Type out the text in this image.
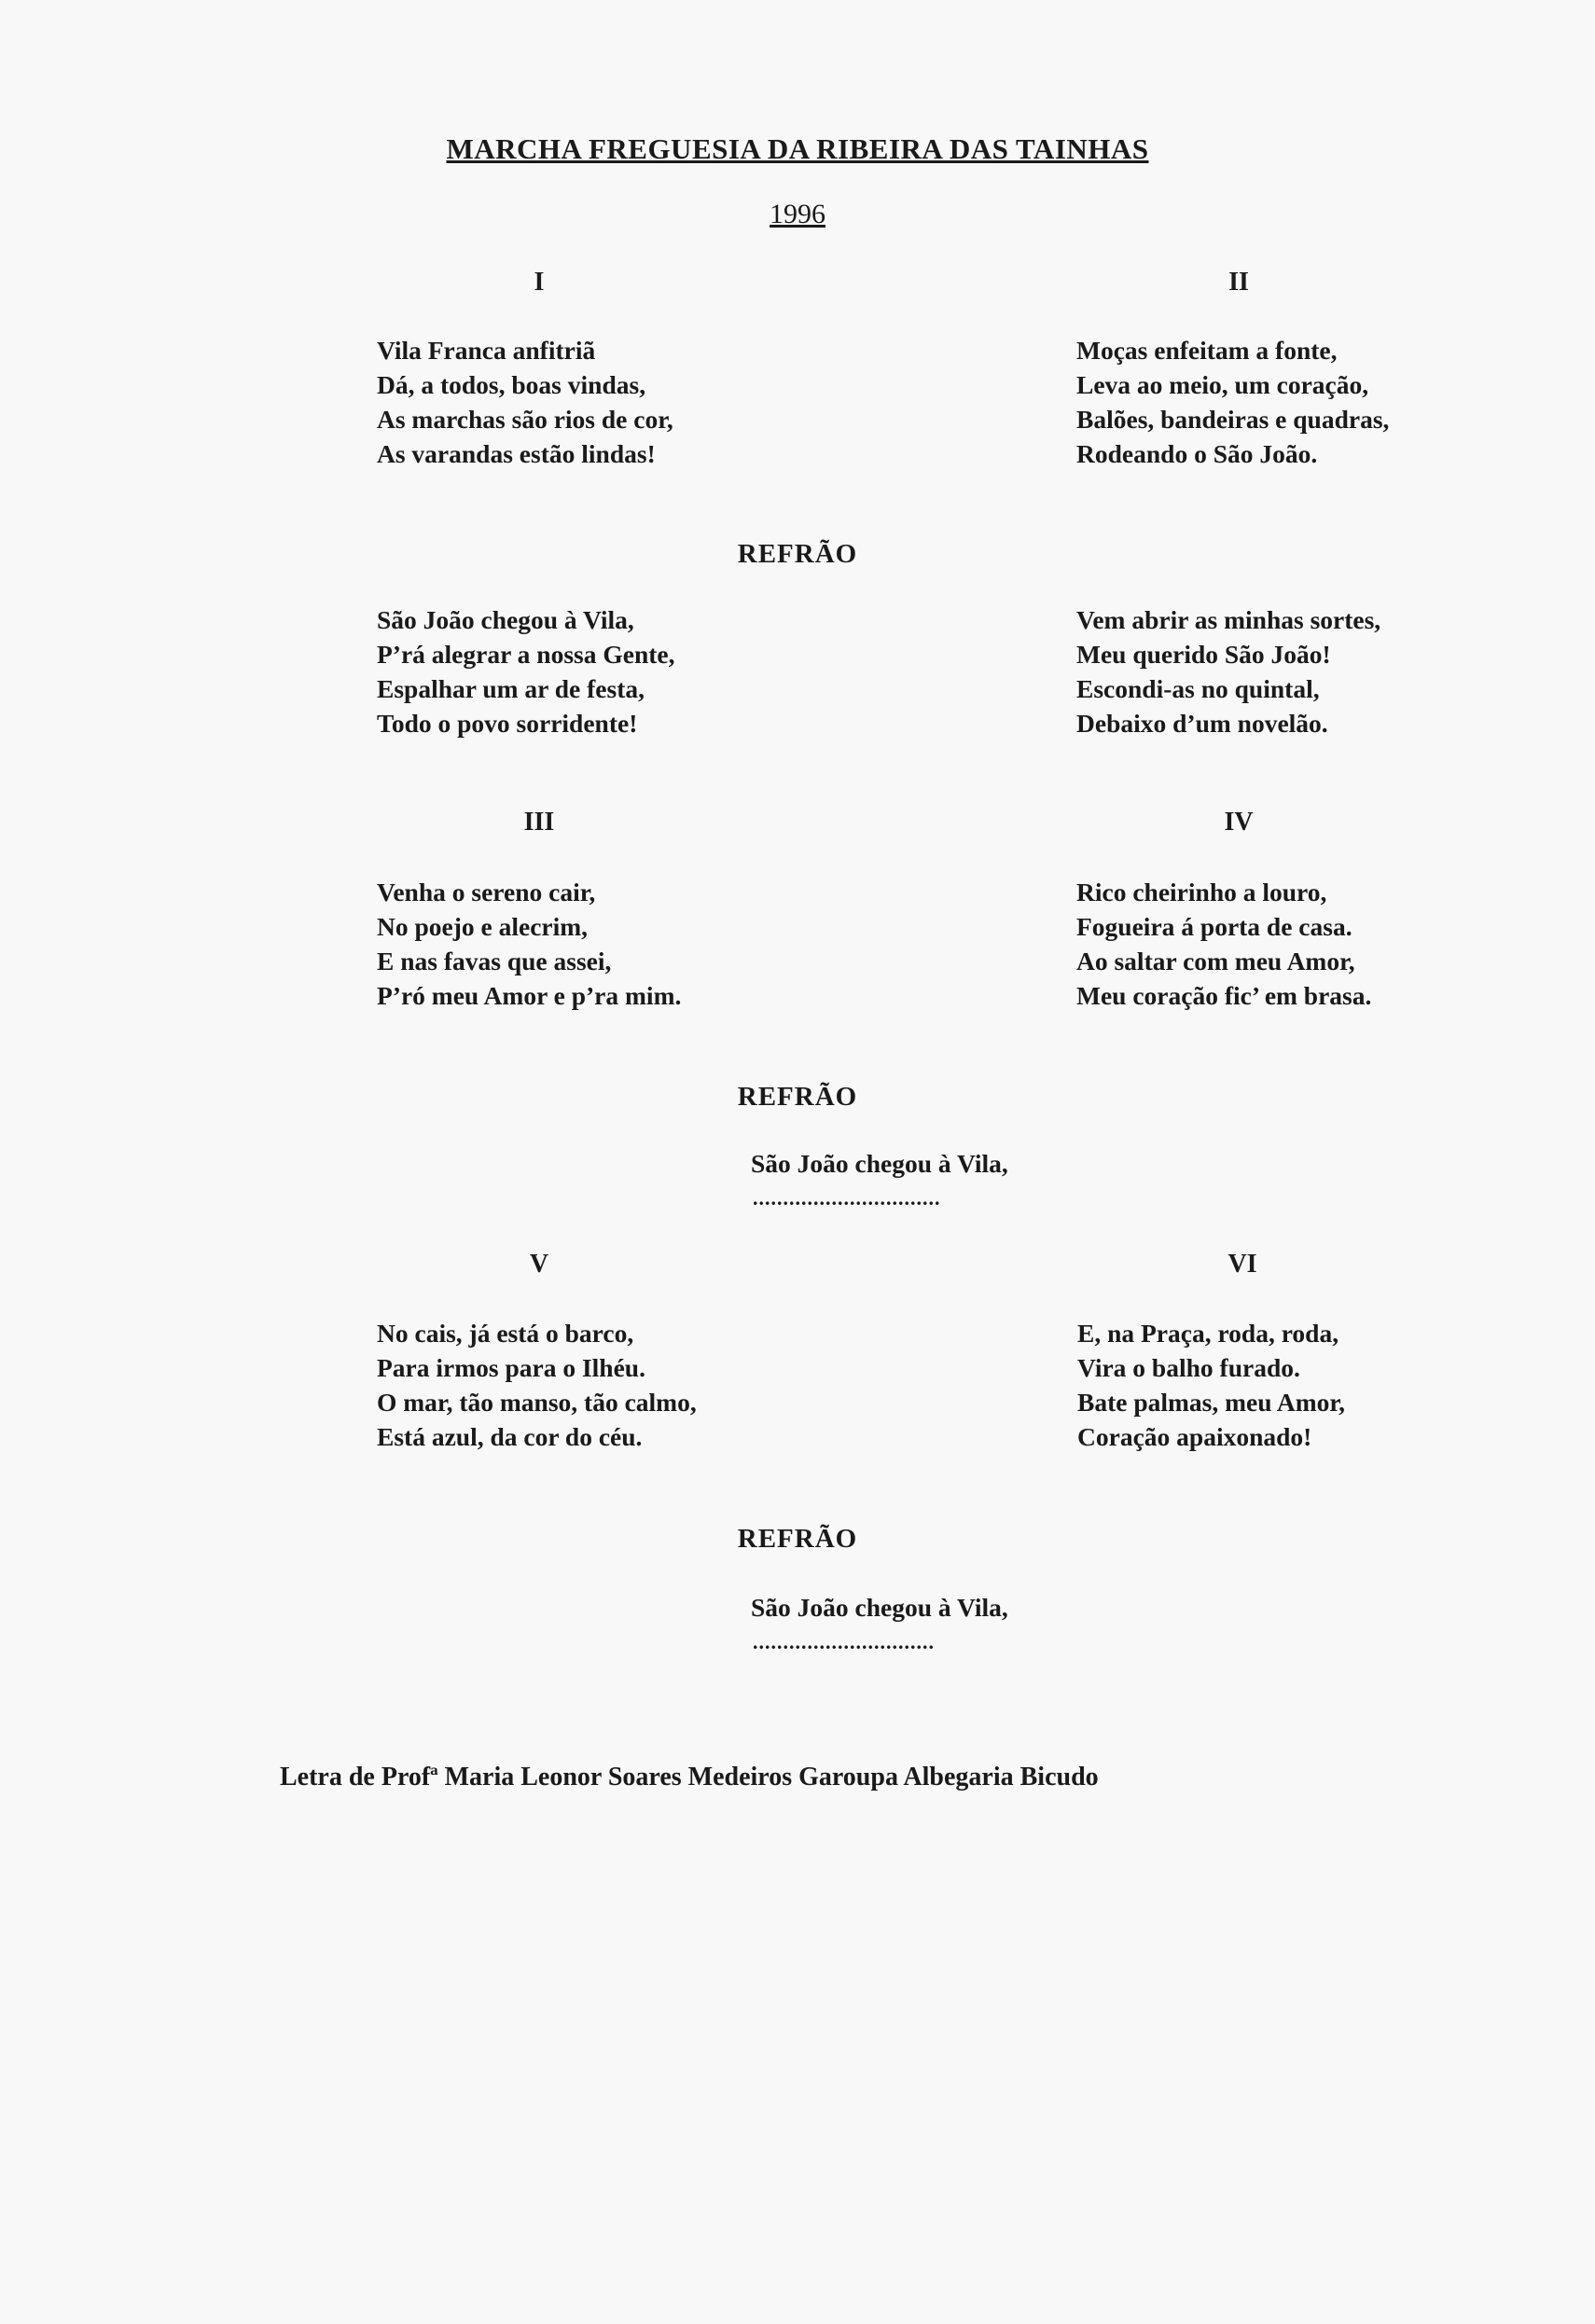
MARCHA FREGUESIA DA RIBEIRA DAS TAINHAS
1996
I	II
Vila Franca anfitriã
Dá, a todos, boas vindas,
As marchas são rios de cor,
As varandas estão lindas!
Moças enfeitam a fonte,
Leva ao meio, um coração,
Balões, bandeiras e quadras,
Rodeando o São João.
REFRÃO
São João chegou à Vila,
P’rá alegrar a nossa Gente,
Espalhar um ar de festa,
Todo o povo sorridente!
Vem abrir as minhas sortes,
Meu querido São João!
Escondi-as no quintal,
Debaixo d’um novelão.
III	IV
Venha o sereno cair,
No poejo e alecrim,
E nas favas que assei,
P’ró meu Amor e p’ra mim.
Rico cheirinho a louro,
Fogueira á porta de casa.
Ao saltar com meu Amor,
Meu coração fic’ em brasa.
REFRÃO
São João chegou à Vila,
...............................
V	VI
No cais, já está o barco,
Para irmos para o Ilhéu.
O mar, tão manso, tão calmo,
Está azul, da cor do céu.
E, na Praça, roda, roda,
Vira o balho furado.
Bate palmas, meu Amor,
Coração apaixonado!
REFRÃO
São João chegou à Vila,
..............................
Letra de Profª Maria Leonor Soares Medeiros Garoupa Albegaria Bicudo
